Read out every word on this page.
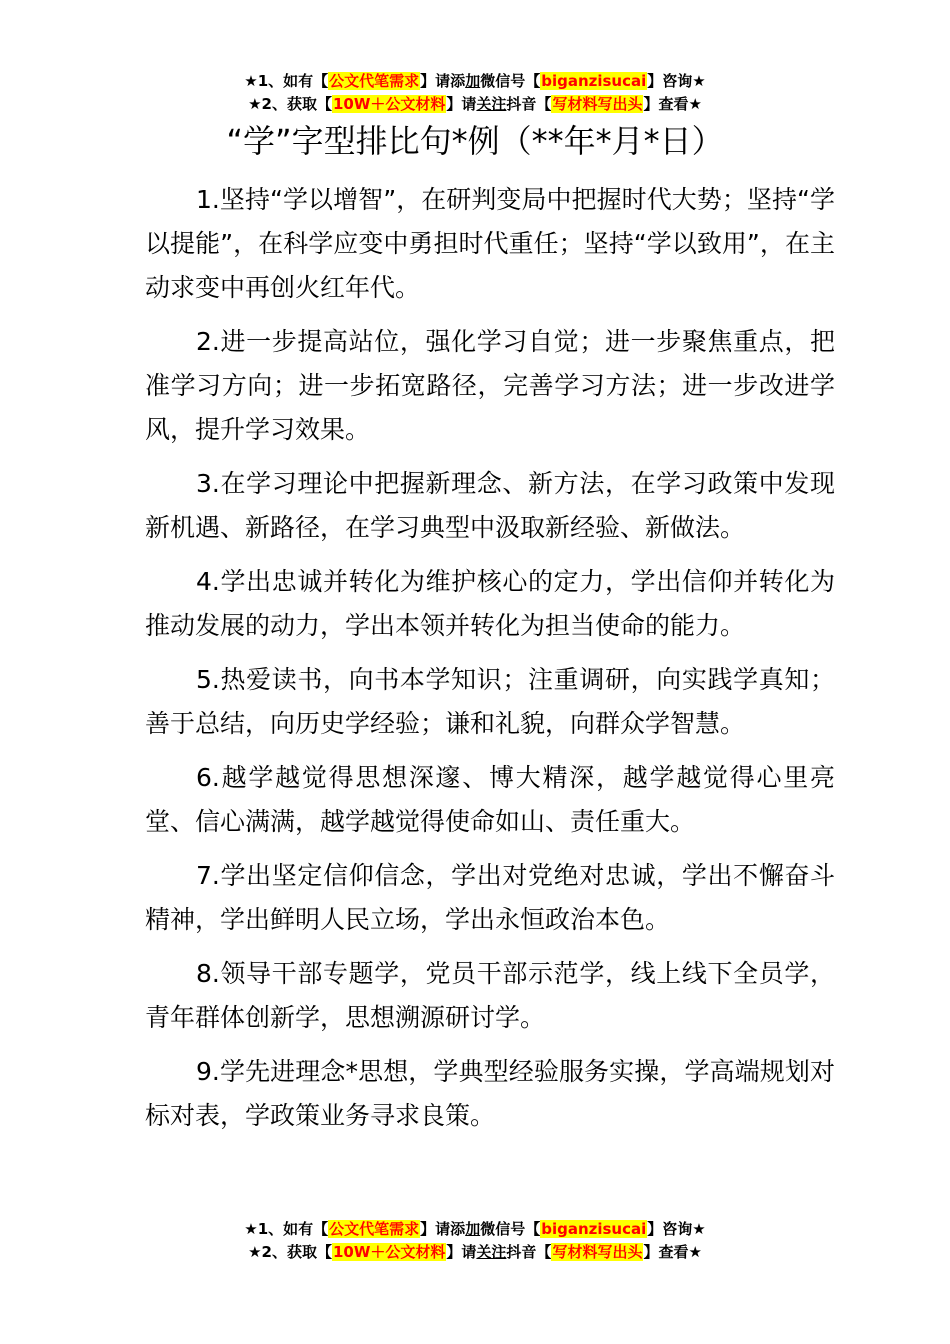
★1、如有【公文代笔需求】请添加微信号【biganzisucai】咨询★
★2、获取【10W＋公文材料】请关注抖音【写材料写出头】查看★
“学”字型排比句*例（**年*月*日）

1.坚持“学以增智”，在研判变局中把握时代大势；坚持“学以提能”，在科学应变中勇担时代重任；坚持“学以致用”，在主动求变中再创火红年代。

2.进一步提高站位，强化学习自觉；进一步聚焦重点，把准学习方向；进一步拓宽路径，完善学习方法；进一步改进学风，提升学习效果。

3.在学习理论中把握新理念、新方法，在学习政策中发现新机遇、新路径，在学习典型中汲取新经验、新做法。

4.学出忠诚并转化为维护核心的定力，学出信仰并转化为推动发展的动力，学出本领并转化为担当使命的能力。

5.热爱读书，向书本学知识；注重调研，向实践学真知；善于总结，向历史学经验；谦和礼貌，向群众学智慧。

6.越学越觉得思想深邃、博大精深，越学越觉得心里亮堂、信心满满，越学越觉得使命如山、责任重大。

7.学出坚定信仰信念，学出对党绝对忠诚，学出不懈奋斗精神，学出鲜明人民立场，学出永恒政治本色。

8.领导干部专题学，党员干部示范学，线上线下全员学，青年群体创新学，思想溯源研讨学。

9.学先进理念*思想，学典型经验服务实操，学高端规划对标对表，学政策业务寻求良策。

★1、如有【公文代笔需求】请添加微信号【biganzisucai】咨询★
★2、获取【10W＋公文材料】请关注抖音【写材料写出头】查看★
